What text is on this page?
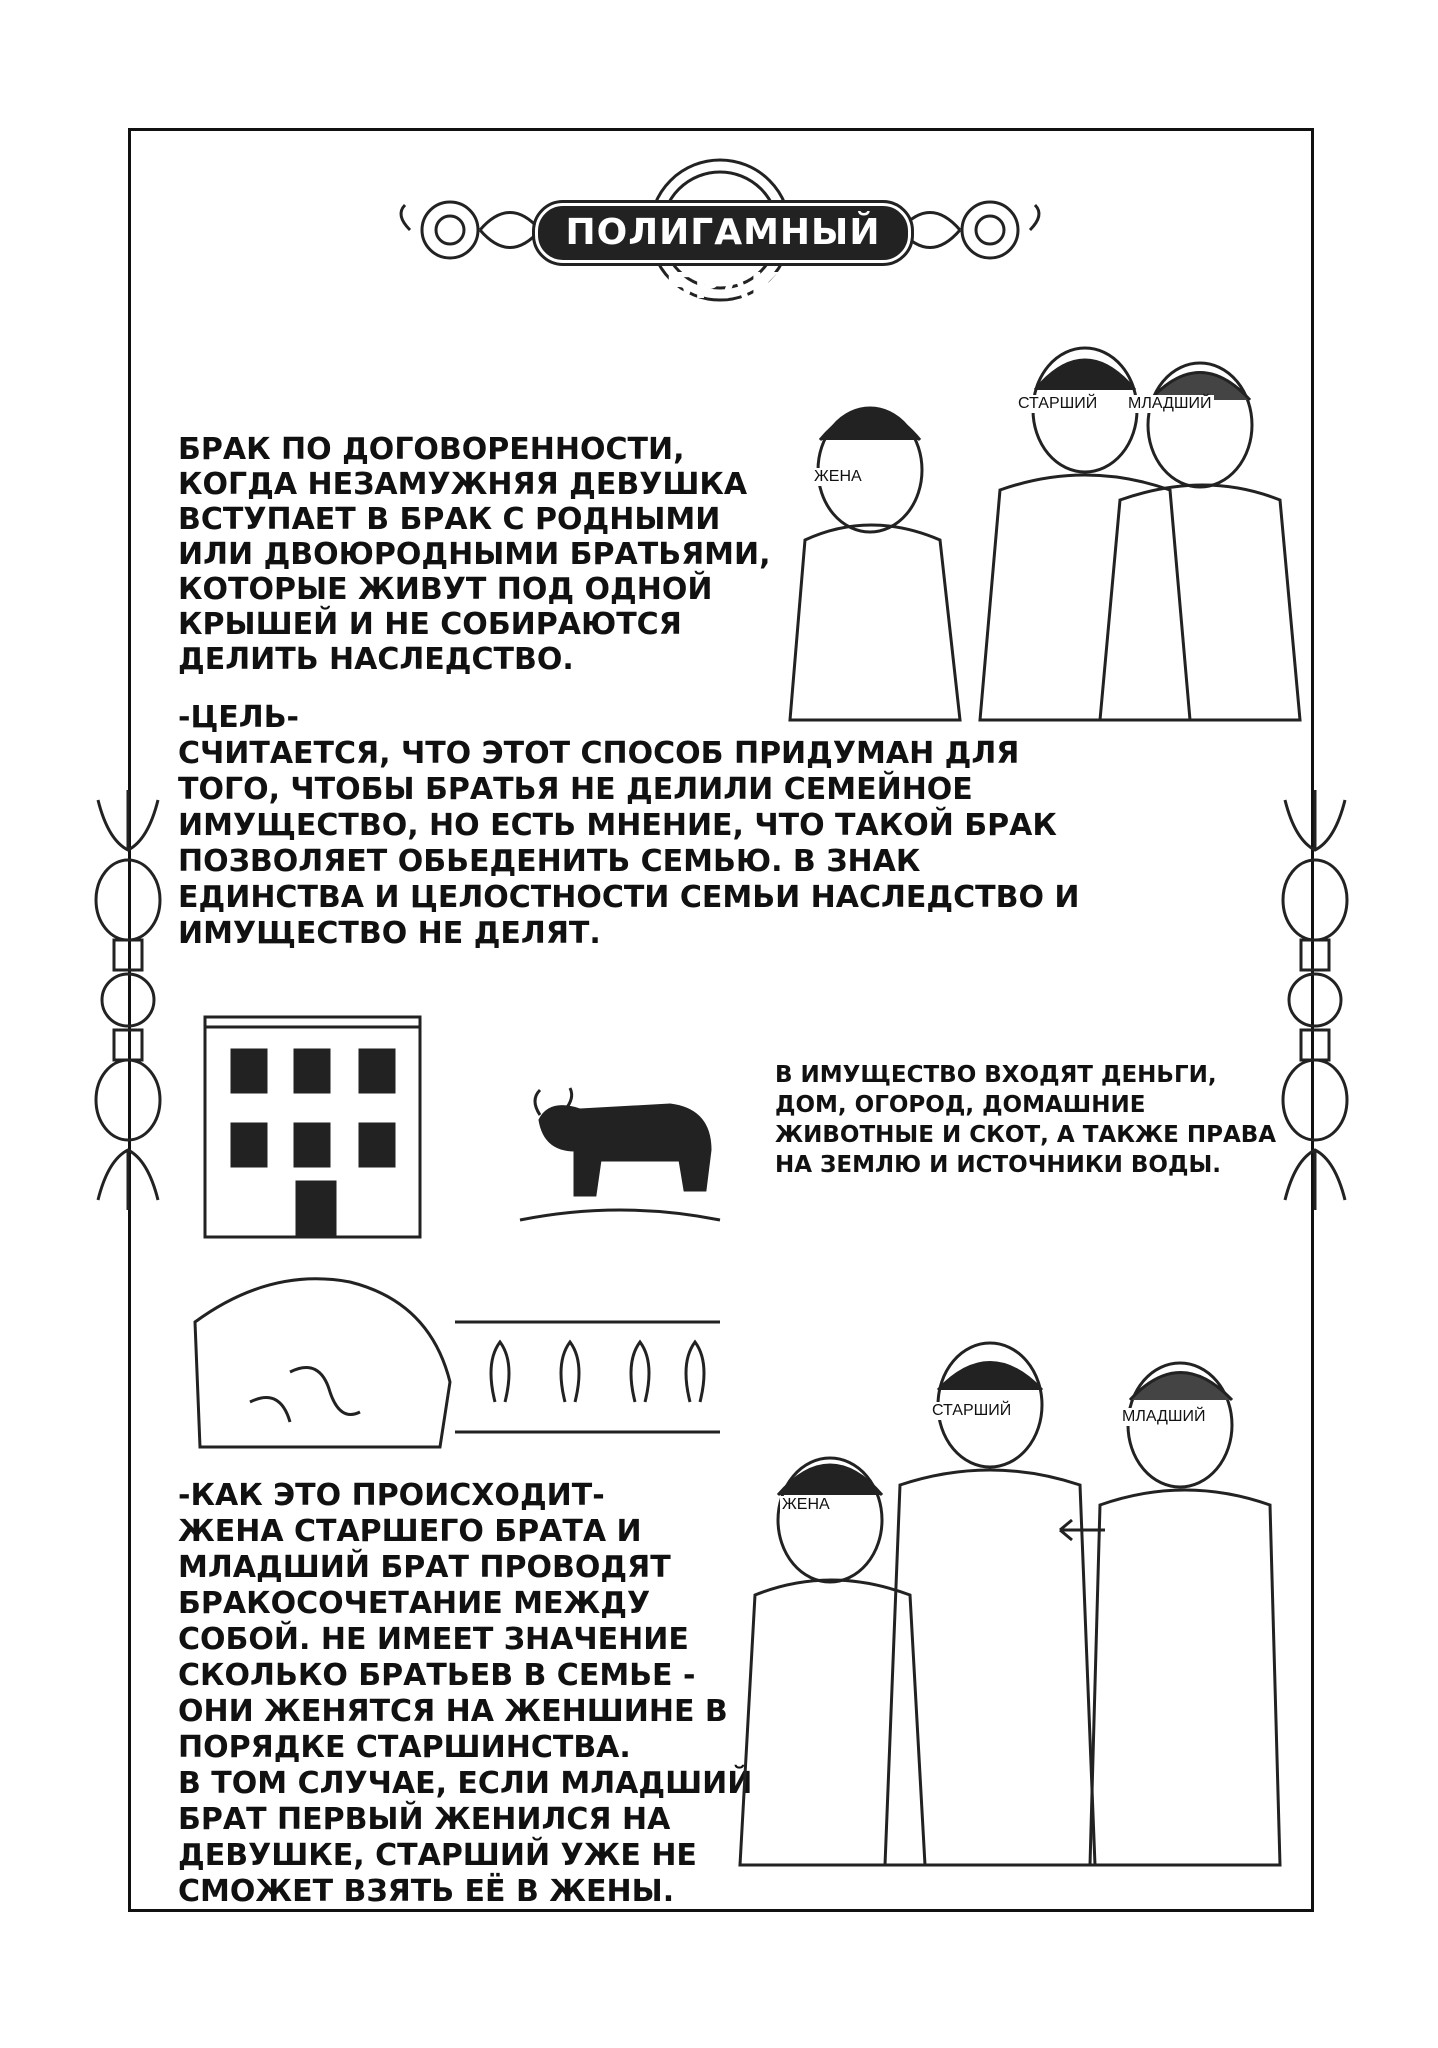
ПОЛИГАМНЫЙ БРАК
БРАК ПО ДОГОВОРЕННОСТИ,
КОГДА НЕЗАМУЖНЯЯ ДЕВУШКА
ВСТУПАЕТ В БРАК С РОДНЫМИ
ИЛИ ДВОЮРОДНЫМИ БРАТЬЯМИ,
КОТОРЫЕ ЖИВУТ ПОД ОДНОЙ
КРЫШЕЙ И НЕ СОБИРАЮТСЯ
ДЕЛИТЬ НАСЛЕДСТВО.
ЖЕНА
СТАРШИЙ МЛАДШИЙ
-ЦЕЛЬ-
СЧИТАЕТСЯ, ЧТО ЭТОТ СПОСОБ ПРИДУМАН ДЛЯ
ТОГО, ЧТОБЫ БРАТЬЯ НЕ ДЕЛИЛИ СЕМЕЙНОЕ
ИМУЩЕСТВО, НО ЕСТЬ МНЕНИЕ, ЧТО ТАКОЙ БРАК
ПОЗВОЛЯЕТ ОБЬЕДЕНИТЬ СЕМЬЮ. В ЗНАК
ЕДИНСТВА И ЦЕЛОСТНОСТИ СЕМЬИ НАСЛЕДСТВО И
ИМУЩЕСТВО НЕ ДЕЛЯТ.
В ИМУЩЕСТВО ВХОДЯТ ДЕНЬГИ,
ДОМ, ОГОРОД, ДОМАШНИЕ
ЖИВОТНЫЕ И СКОТ, А ТАКЖЕ ПРАВА
НА ЗЕМЛЮ И ИСТОЧНИКИ ВОДЫ.
-КАК ЭТО ПРОИСХОДИТ-
ЖЕНА СТАРШЕГО БРАТА И
МЛАДШИЙ БРАТ ПРОВОДЯТ
БРАКОСОЧЕТАНИЕ МЕЖДУ
СОБОЙ. НЕ ИМЕЕТ ЗНАЧЕНИЕ
СКОЛЬКО БРАТЬЕВ В СЕМЬЕ -
ОНИ ЖЕНЯТСЯ НА ЖЕНШИНЕ В
ПОРЯДКЕ СТАРШИНСТВА.
В ТОМ СЛУЧАЕ, ЕСЛИ МЛАДШИЙ
БРАТ ПЕРВЫЙ ЖЕНИЛСЯ НА
ДЕВУШКЕ, СТАРШИЙ УЖЕ НЕ
СМОЖЕТ ВЗЯТЬ ЕЁ В ЖЕНЫ.
ЖЕНА
СТАРШИЙ	МЛАДШИЙ
